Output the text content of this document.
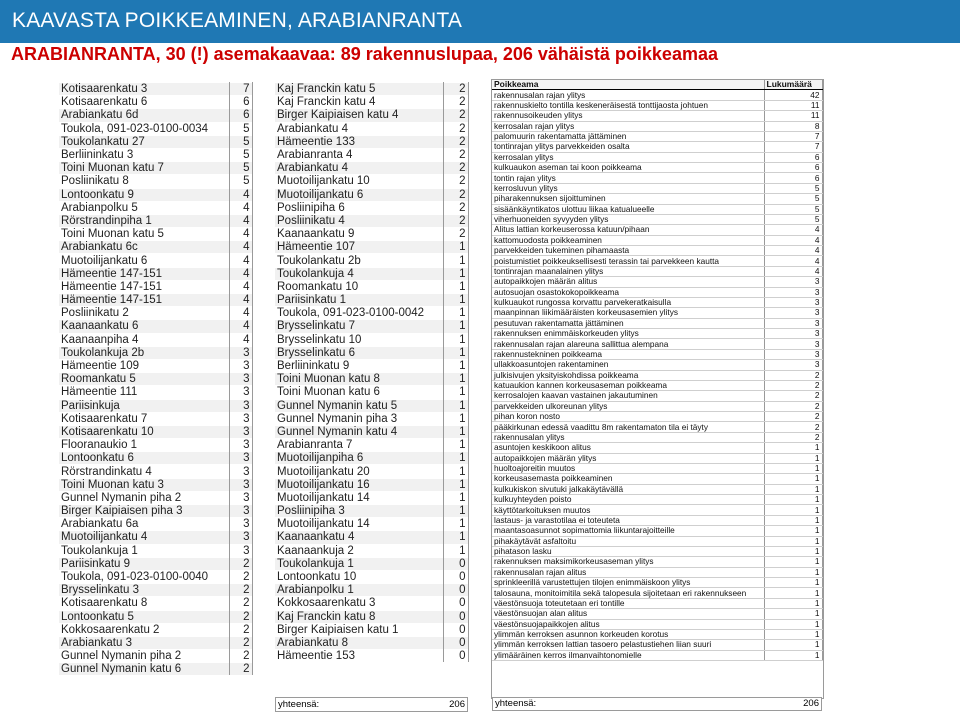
KAAVASTA POIKKEAMINEN, ARABIANRANTA
ARABIANRANTA, 30 (!) asemakaavaa: 89 rakennuslupaa, 206 vähäistä poikkeamaa
Kotisaarenkatu 3	7
Kotisaarenkatu 6	6
Arabiankatu 6d	6
Toukola, 091-023-0100-0034	5
Toukolankatu 27	5
Berliininkatu 3	5
Toini Muonan katu 7	5
Posliinikatu 8	5
Lontoonkatu 9	4
Arabianpolku 5	4
Rörstrandinpiha 1	4
Toini Muonan katu 5	4
Arabiankatu 6c	4
Muotoilijankatu 6	4
Hämeentie 147-151	4
Hämeentie 147-151	4
Hämeentie 147-151	4
Posliinikatu 2	4
Kaanaankatu 6	4
Kaanaanpiha 4	4
Toukolankuja 2b	3
Hämeentie 109	3
Roomankatu 5	3
Hämeentie 111	3
Pariisinkuja	3
Kotisaarenkatu 7	3
Kotisaarenkatu 10	3
Flooranaukio 1	3
Lontoonkatu 6	3
Rörstrandinkatu 4	3
Toini Muonan katu 3	3
Gunnel Nymanin piha 2	3
Birger Kaipiaisen piha 3	3
Arabiankatu 6a	3
Muotoilijankatu 4	3
Toukolankuja 1	3
Pariisinkatu 9	2
Toukola, 091-023-0100-0040	2
Brysselinkatu 3	2
Kotisaarenkatu 8	2
Lontoonkatu 5	2
Kokkosaarenkatu 2	2
Arabiankatu 3	2
Gunnel Nymanin piha 2	2
Gunnel Nymanin katu 6	2
Kaj Franckin katu 5	2
Kaj Franckin katu 4	2
Birger Kaipiaisen katu 4	2
Arabiankatu 4	2
Hämeentie 133	2
Arabianranta 4	2
Arabiankatu 4	2
Muotoilijankatu 10	2
Muotoilijankatu 6	2
Posliinipiha 6	2
Posliinikatu 4	2
Kaanaankatu 9	2
Hämeentie 107	1
Toukolankatu 2b	1
Toukolankuja 4	1
Roomankatu 10	1
Pariisinkatu 1	1
Toukola, 091-023-0100-0042	1
Brysselinkatu 7	1
Brysselinkatu 10	1
Brysselinkatu 6	1
Berliininkatu 9	1
Toini Muonan katu 8	1
Toini Muonan katu 6	1
Gunnel Nymanin katu 5	1
Gunnel Nymanin piha 3	1
Gunnel Nymanin katu 4	1
Arabianranta 7	1
Muotoilijanpiha 6	1
Muotoilijankatu 20	1
Muotoilijankatu 16	1
Muotoilijankatu 14	1
Posliinipiha 3	1
Muotoilijankatu 14	1
Kaanaankatu 4	1
Kaanaankuja 2	1
Toukolankuja 1	0
Lontoonkatu 10	0
Arabianpolku 1	0
Kokkosaarenkatu 3	0
Kaj Franckin katu 8	0
Birger Kaipiaisen katu 1	0
Arabiankatu 8	0
Hämeentie 153	0
yhteensä:	206
Poikkeama	Lukumäärä
rakennusalan rajan ylitys	42
rakennuskielto tontilla keskeneräisestä tonttijaosta johtuen	11
rakennusoikeuden ylitys	11
kerrosalan rajan ylitys	8
palomuurin rakentamatta jättäminen	7
tontinrajan ylitys parvekkeiden osalta	7
kerrosalan ylitys	6
kulkuaukon aseman tai koon poikkeama	6
tontin rajan ylitys	6
kerrosluvun ylitys	5
piharakennuksen sijoittuminen	5
sisäänkäyntikatos ulottuu liikaa katualueelle	5
viherhuoneiden syvyyden ylitys	5
Alitus lattian korkeuserossa katuun/pihaan	4
kattomuodosta poikkeaminen	4
parvekkeiden tukeminen pihamaasta	4
poistumistiet poikkeuksellisesti terassin tai parvekkeen kautta	4
tontinrajan maanalainen ylitys	4
autopaikkojen määrän alitus	3
autosuojan osastokokopoikkeama	3
kulkuaukot rungossa korvattu parvekeratkaisulla	3
maanpinnan liikimääräisten korkeusasemien ylitys	3
pesutuvan rakentamatta jättäminen	3
rakennuksen enimmäiskorkeuden ylitys	3
rakennusalan rajan alareuna sallittua alempana	3
rakennustekninen poikkeama	3
ullakkoasuntojen rakentaminen	3
julkisivujen yksityiskohdissa poikkeama	2
katuaukion kannen korkeusaseman poikkeama	2
kerrosalojen kaavan vastainen jakautuminen	2
parvekkeiden ulkoreunan ylitys	2
pihan koron nosto	2
pääkirkunan edessä vaadittu 8m rakentamaton tila ei täyty	2
rakennusalan ylitys	2
asuntojen keskikoon alitus	1
autopaikkojen määrän ylitys	1
huoltoajoreitin muutos	1
korkeusasemasta poikkeaminen	1
kulkukiskon sivutuki jalkakäytävällä	1
kulkuyhteyden poisto	1
käyttötarkoituksen muutos	1
lastaus- ja varastotilaa ei toteuteta	1
maantasoasunnot sopimattomia liikuntarajoitteille	1
pihakäytävät asfaltoitu	1
pihatason lasku	1
rakennuksen maksimikorkeusaseman ylitys	1
rakennusalan rajan alitus	1
sprinkleerillä varustettujen tilojen enimmäiskoon ylitys	1
talosauna, monitoimitila sekä talopesula sijoitetaan eri rakennukseen	1
väestönsuoja toteutetaan eri tontille	1
väestönsuojan alan alitus	1
väestönsuojapaikkojen alitus	1
ylimmän kerroksen asunnon korkeuden korotus	1
ylimmän kerroksen lattian tasoero pelastustiehen liian suuri	1
ylimääräinen kerros ilmanvaihtonomielle	1
yhteensä:	206
